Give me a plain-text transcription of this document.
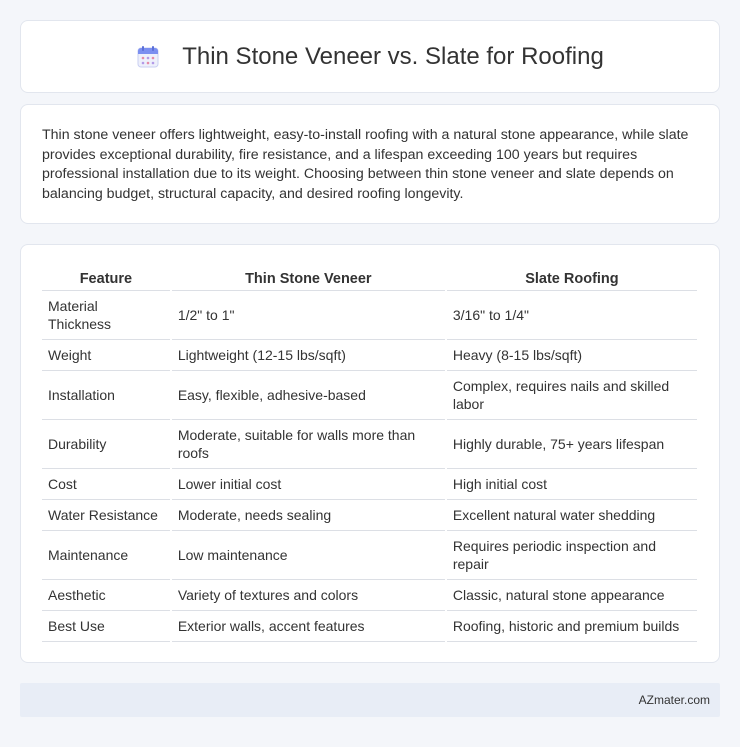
Thin Stone Veneer vs. Slate for Roofing

Thin stone veneer offers lightweight, easy-to-install roofing with a natural stone appearance, while slate provides exceptional durability, fire resistance, and a lifespan exceeding 100 years but requires professional installation due to its weight. Choosing between thin stone veneer and slate depends on balancing budget, structural capacity, and desired roofing longevity.

Feature	Thin Stone Veneer	Slate Roofing
Material Thickness	1/2" to 1"	3/16" to 1/4"
Weight	Lightweight (12-15 lbs/sqft)	Heavy (8-15 lbs/sqft)
Installation	Easy, flexible, adhesive-based	Complex, requires nails and skilled labor
Durability	Moderate, suitable for walls more than roofs	Highly durable, 75+ years lifespan
Cost	Lower initial cost	High initial cost
Water Resistance	Moderate, needs sealing	Excellent natural water shedding
Maintenance	Low maintenance	Requires periodic inspection and repair
Aesthetic	Variety of textures and colors	Classic, natural stone appearance
Best Use	Exterior walls, accent features	Roofing, historic and premium builds
AZmater.com
